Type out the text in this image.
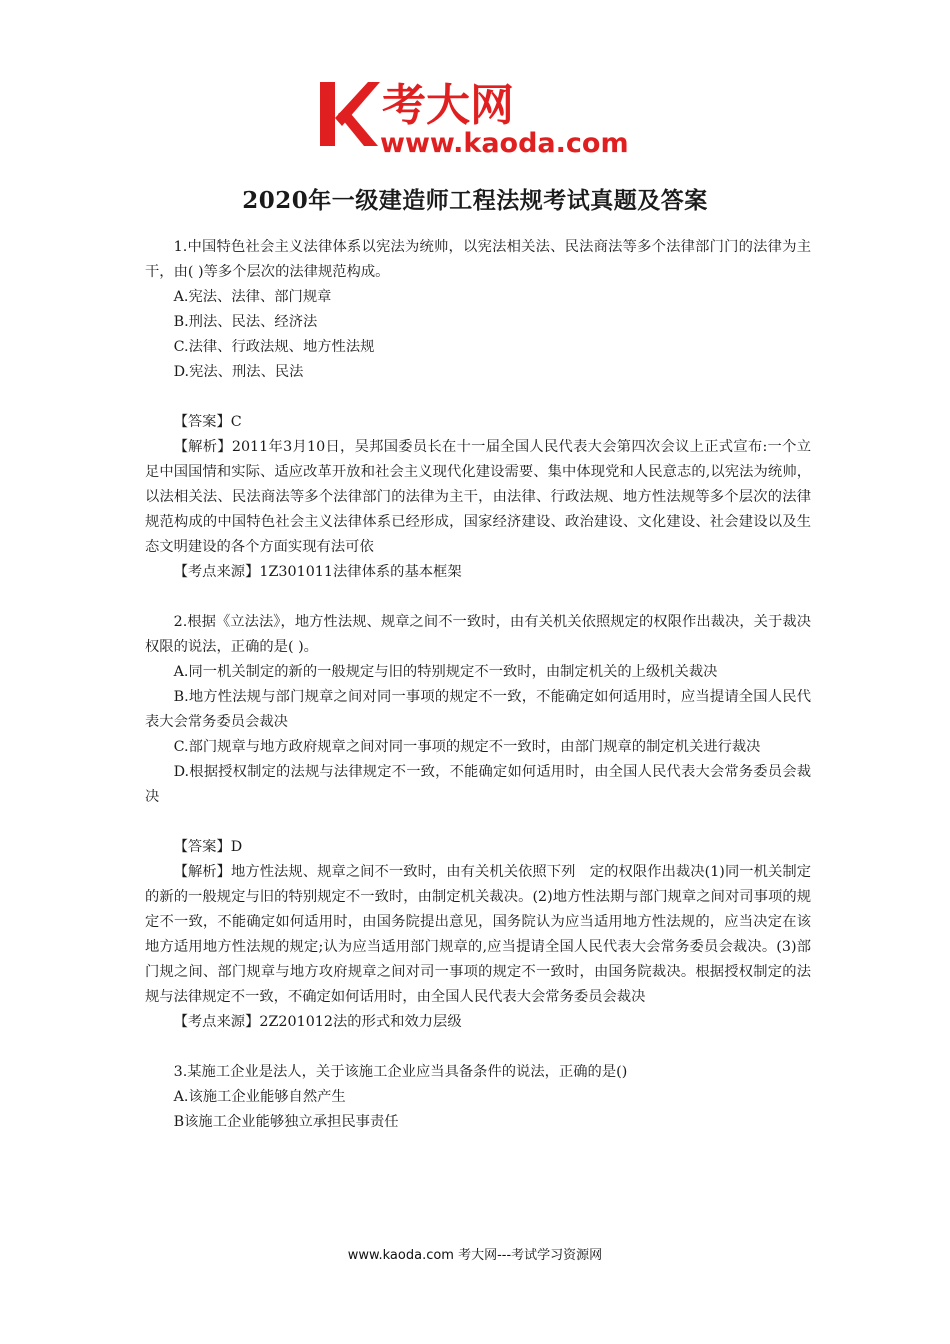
考大网
www.kaoda.com
2020年一级建造师工程法规考试真题及答案

1.中国特色社会主义法律体系以宪法为统帅，以宪法相关法、民法商法等多个法律部门门的法律为主干，由( )等多个层次的法律规范构成。

A.宪法、法律、部门规章

B.刑法、民法、经济法

C.法律、行政法规、地方性法规

D.宪法、刑法、民法

【答案】C

【解析】2011年3月10日，吴邦国委员长在十一届全国人民代表大会第四次会议上正式宣布:一个立足中国国情和实际、适应改革开放和社会主义现代化建设需要、集中体现党和人民意志的,以宪法为统帅，以法相关法、民法商法等多个法律部门的法律为主干，由法律、行政法规、地方性法规等多个层次的法律规范构成的中国特色社会主义法律体系已经形成，国家经济建设、政治建设、文化建设、社会建设以及生态文明建设的各个方面实现有法可依

【考点来源】1Z301011法律体系的基本框架

2.根据《立法法》，地方性法规、规章之间不一致时，由有关机关依照规定的权限作出裁决，关于裁决权限的说法，正确的是( )。

A.同一机关制定的新的一般规定与旧的特别规定不一致时，由制定机关的上级机关裁决

B.地方性法规与部门规章之间对同一事项的规定不一致，不能确定如何适用时，应当提请全国人民代表大会常务委员会裁决

C.部门规章与地方政府规章之间对同一事项的规定不一致时，由部门规章的制定机关进行裁决

D.根据授权制定的法规与法律规定不一致，不能确定如何适用时，由全国人民代表大会常务委员会裁决

【答案】D

【解析】地方性法规、规章之间不一致时，由有关机关依照下列　定的权限作出裁决(1)同一机关制定的新的一般规定与旧的特别规定不一致时，由制定机关裁决。(2)地方性法期与部门规章之间对司事项的规定不一致，不能确定如何适用时，由国务院提出意见，国务院认为应当适用地方性法规的，应当决定在该地方适用地方性法规的规定;认为应当适用部门规章的,应当提请全国人民代表大会常务委员会裁决。(3)部门规之间、部门规章与地方攻府规章之间对司一事项的规定不一致时，由国务院裁决。根据授权制定的法规与法律规定不一致，不确定如何话用时，由全国人民代表大会常务委员会裁决

【考点来源】2Z201012法的形式和效力层级

3.某施工企业是法人，关于该施工企业应当具备条件的说法，正确的是()

A.该施工企业能够自然产生

B该施工企业能够独立承担民事责任

www.kaoda.com 考大网---考试学习资源网
